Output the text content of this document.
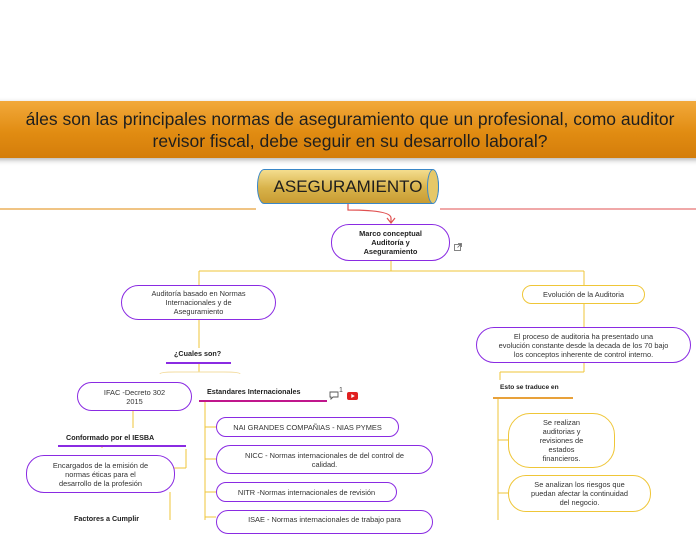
áles son las principales normas de aseguramiento que un profesional, como auditor
revisor fiscal, debe seguir en su desarrollo laboral?
ASEGURAMIENTO
Marco conceptual Auditoría y Aseguramiento
Auditoría basado en Normas Internacionales y de Aseguramiento
¿Cuales son?
IFAC -Decreto 302 2015
Conformado por el IESBA
Encargados de la emisión de normas éticas para el desarrollo de la profesión
Factores a Cumplir
Estandares Internacionales	1
NAI GRANDES COMPAÑIAS - NIAS PYMES
NICC - Normas internacionales de del control de calidad.
NITR -Normas internacionales de revisión
ISAE - Normas internacionales de trabajo para
Evolución de la Auditoria
El proceso de auditoria ha presentado una evolución constante desde la decada de los 70 bajo los conceptos inherente de control interno.
Esto se traduce en
Se realizan auditorias y revisiones de estados financieros.
Se analizan los riesgos que puedan afectar la continuidad del negocio.
